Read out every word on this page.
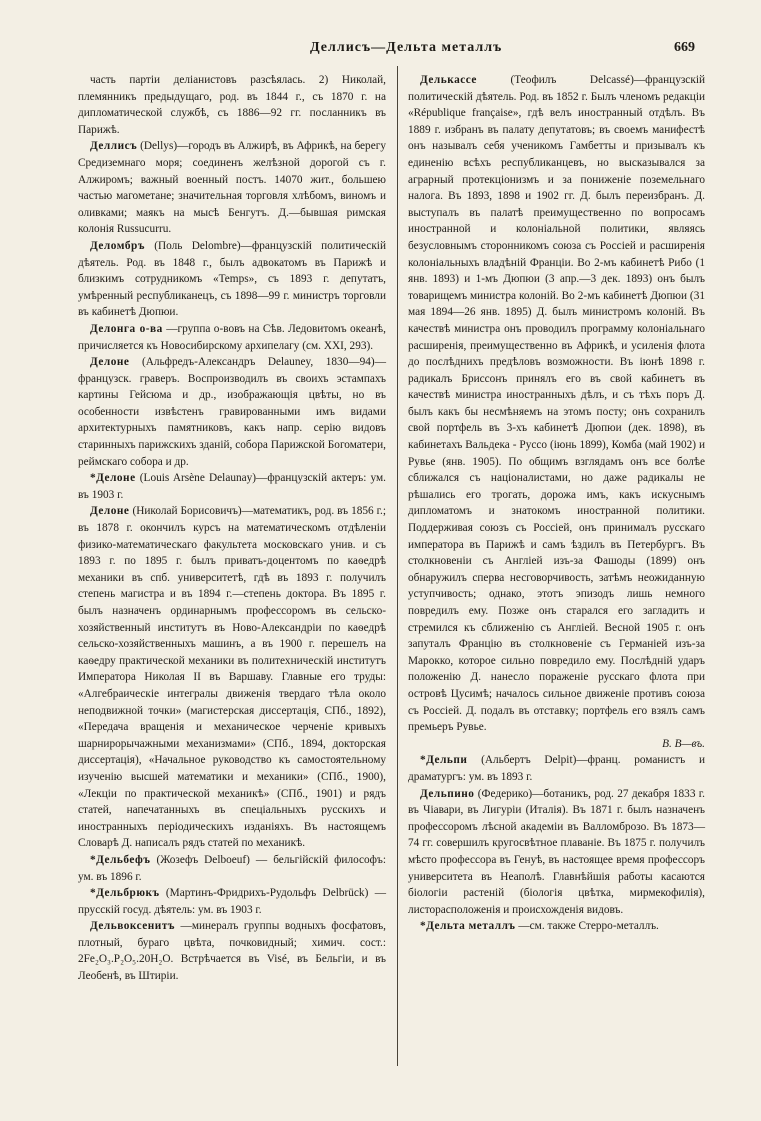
Деллисъ—Дельта металлъ	669

часть партіи деліанистовъ разсѣялась. 2) Николай, племянникъ предыдущаго, род. въ 1844 г., съ 1870 г. на дипломатической службѣ, съ 1886—92 гг. посланникъ въ Парижѣ.

Деллисъ (Dellys)—городъ въ Алжирѣ, въ Африкѣ, на берегу Средиземнаго моря; соединенъ желѣзной дорогой съ г. Алжиромъ; важный военный постъ. 14070 жит., большею частью магометане; значительная торговля хлѣбомъ, виномъ и оливками; маякъ на мысѣ Бенгутъ. Д.—бывшая римская колонія Russucurru.

Деломбръ (Поль Delombre)—французскій политическій дѣятель. Род. въ 1848 г., былъ адвокатомъ въ Парижѣ и близкимъ сотрудникомъ «Temps», съ 1893 г. депутатъ, умѣренный республиканецъ, съ 1898—99 г. министръ торговли въ кабинетѣ Дюпюи.

Делонга о-ва —группа о-вовъ на Сѣв. Ледовитомъ океанѣ, причисляется къ Новосибирскому архипелагу (см. XXI, 293).

Делоне (Альфредъ-Александръ Delauney, 1830—94)—французск. граверъ. Воспроизводилъ въ своихъ эстампахъ картины Гейсюма и др., изображающія цвѣты, но въ особенности извѣстенъ гравированными имъ видами архитектурныхъ памятниковъ, какъ напр. серію видовъ старинныхъ парижскихъ зданій, собора Парижской Богоматери, реймскаго собора и др.

*Делоне (Louis Arsène Delaunay)—французскій актеръ: ум. въ 1903 г.

Делоне (Николай Борисовичъ)—математикъ, род. въ 1856 г.; въ 1878 г. окончилъ курсъ на математическомъ отдѣленіи физико-математическаго факультета московскаго унив. и съ 1893 г. по 1895 г. былъ приватъ-доцентомъ по каѳедрѣ механики въ спб. университетѣ, гдѣ въ 1893 г. получилъ степень магистра и въ 1894 г.—степень доктора. Въ 1895 г. былъ назначенъ ординарнымъ профессоромъ въ сельско-хозяйственный институтъ въ Ново-Александріи по каѳедрѣ сельско-хозяйственныхъ машинъ, а въ 1900 г. перешелъ на каѳедру практической механики въ политехническій институтъ Императора Николая II въ Варшаву. Главные его труды: «Алгебраическіе интегралы движенія твердаго тѣла около неподвижной точки» (магистерская диссертація, СПб., 1892), «Передача вращенія и механическое черченіе кривыхъ шарнирорычажными механизмами» (СПб., 1894, докторская диссертація), «Начальное руководство къ самостоятельному изученію высшей математики и механики» (СПб., 1900), «Лекціи по практической механикѣ» (СПб., 1901) и рядъ статей, напечатанныхъ въ спеціальныхъ русскихъ и иностранныхъ періодическихъ изданіяхъ. Въ настоящемъ Словарѣ Д. написалъ рядъ статей по механикѣ.

*Дельбефъ (Жозефъ Delboeuf) — бельгійскій философъ: ум. въ 1896 г.

*Дельбрюкъ (Мартинъ-Фридрихъ-Рудольфъ Delbrück) — прусскій госуд. дѣятель: ум. въ 1903 г.

Дельвоксенитъ —минералъ группы водныхъ фосфатовъ, плотный, бураго цвѣта, почковидный; химич. сост.: 2Fe₂O₃.P₂O₅.20H₂O. Встрѣчается въ Visé, въ Бельгіи, и въ Леобенѣ, въ Штиріи.

Делькассе	(Теофилъ Delcassé)—французскій политическій дѣятель. Род. въ 1852 г. Былъ членомъ редакціи «République française», гдѣ велъ иностранный отдѣлъ. Въ 1889 г. избранъ въ палату депутатовъ; въ своемъ манифестѣ онъ называлъ себя ученикомъ Гамбетты и призывалъ къ единенію всѣхъ республиканцевъ, но высказывался за аграрный протекціонизмъ и за пониженіе поземельнаго налога. Въ 1893, 1898 и 1902 гг. Д. былъ переизбранъ. Д. выступалъ въ палатѣ преимущественно по вопросамъ иностранной и колоніальной политики, являясь безусловнымъ сторонникомъ союза съ Россіей и расширенія колоніальныхъ владѣній Франціи. Во 2-мъ кабинетѣ Рибо (1 янв. 1893) и 1-мъ Дюпюи (3 апр.—3 дек. 1893) онъ былъ товарищемъ министра колоній. Во 2-мъ кабинетѣ Дюпюи (31 мая 1894—26 янв. 1895) Д. былъ министромъ колоній. Въ качествѣ министра онъ проводилъ программу колоніальнаго расширенія, преимущественно въ Африкѣ, и усиленія флота до послѣднихъ предѣловъ возможности. Въ іюнѣ 1898 г. радикалъ Бриссонъ принялъ его въ свой кабинетъ въ качествѣ министра иностранныхъ дѣлъ, и съ тѣхъ поръ Д. былъ какъ бы несмѣняемъ на этомъ посту; онъ сохранилъ свой портфель въ 3-хъ кабинетѣ Дюпюи (дек. 1898), въ кабинетахъ Вальдека - Руссо (іюнь 1899), Комба (май 1902) и Рувье (янв. 1905). По общимъ взглядамъ онъ все болѣе сближался съ націоналистами, но даже радикалы не рѣшались его трогать, дорожа имъ, какъ искуснымъ дипломатомъ и знатокомъ иностранной политики. Поддерживая союзъ съ Россіей, онъ принималъ русскаго императора въ Парижѣ и самъ ѣздилъ въ Петербургъ. Въ столкновеніи съ Англіей изъ-за Фашоды (1899) онъ обнаружилъ сперва несговорчивость, затѣмъ неожиданную уступчивость; однако, этотъ эпизодъ лишь немного повредилъ ему. Позже онъ старался его загладить и стремился къ сближенію съ Англіей. Весной 1905 г. онъ запуталъ Францію въ столкновеніе съ Германіей изъ-за Марокко, которое сильно повредило ему. Послѣдній ударъ положенію Д. нанесло пораженіе русскаго флота при островѣ Цусимѣ; началось сильное движеніе противъ союза съ Россіей. Д. подалъ въ отставку; портфель его взялъ самъ премьеръ Рувье.

В. В—въ.

*Дельпи (Альбертъ Delpit)—франц. романистъ и драматургъ: ум. въ 1893 г.

Дельпино (Федерико)—ботаникъ, род. 27 декабря 1833 г. въ Чіавари, въ Лигуріи (Италія). Въ 1871 г. былъ назначенъ профессоромъ лѣсной академіи въ Валломброзо. Въ 1873—74 гг. совершилъ кругосвѣтное плаваніе. Въ 1875 г. получилъ мѣсто профессора въ Генуѣ, въ настоящее время профессоръ университета въ Неаполѣ. Главнѣйшія работы касаются біологіи растеній (біологія цвѣтка, мирмекофилія), листорасположенія и происхожденія видовъ.

*Дельта металлъ —см. также Стерро-металлъ.
